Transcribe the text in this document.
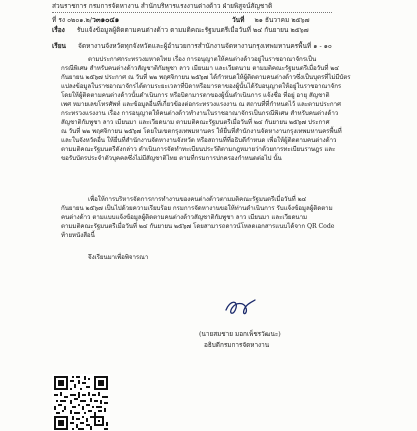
ส่วนราชการ กรมการจัดหางาน สำนักบริหารแรงงานต่างด้าว ฝ่ายพิสูจน์สัญชาติ
ที่ รง ๐๒๐๑.๒/ว๓๑๐๔๑	วันที่ ๒๑ ธันวาคม ๒๕๖๗
เรื่อง รับแจ้งข้อมูลผู้ติดตามคนต่างด้าว ตามมติคณะรัฐมนตรีเมื่อวันที่ ๒๔ กันยายน ๒๕๖๗
เรียน จัดหางานจังหวัดทุกจังหวัดและผู้อำนวยการสำนักงานจัดหางานกรุงเทพมหานครพื้นที่ ๑ - ๑๐
ตามประกาศกระทรวงมหาดไทย เรื่อง การอนุญาตให้คนต่างด้าวอยู่ในราชอาณาจักรเป็น
กรณีพิเศษ สำหรับคนต่างด้าวสัญชาติกัมพูชา ลาว เมียนมา และเวียดนาม ตามมติคณะรัฐมนตรีเมื่อวันที่ ๒๔
กันยายน ๒๕๖๗ ประกาศ ณ วันที่ ๒๒ พฤศจิกายน ๒๕๖๗ ได้กำหนดให้ผู้ติดตามคนต่างด้าวซึ่งเป็นบุตรที่ไม่มีบัตร
แปลงข้อมูลในราชอาณาจักรได้ตามระยะเวลาที่บิดาหรือมารดาของผู้นั้นได้รับอนุญาตให้อยู่ในราชอาณาจักร
โดยให้ผู้ติดตามคนต่างด้าวนั้นดำเนินการ หรือบิดามารดาของผู้นั้นดำเนินการ แจ้งชื่อ ที่อยู่ อายุ สัญชาติ
เพศ หมายเลขโทรศัพท์ และข้อมูลอื่นที่เกี่ยวข้องต่อกระทรวงแรงงาน ณ สถานที่ที่กำหนดไว้ และตามประกาศ
กระทรวงแรงงาน เรื่อง การอนุญาตให้คนต่างด้าวทำงานในราชอาณาจักรเป็นกรณีพิเศษ สำหรับคนต่างด้าว
สัญชาติกัมพูชา ลาว เมียนมา และเวียดนาม ตามมติคณะรัฐมนตรีเมื่อวันที่ ๒๔ กันยายน ๒๕๖๗ ประกาศ
ณ วันที่ ๒๒ พฤศจิกายน ๒๕๖๗ โดยในเขตกรุงเทพมหานคร ให้ยื่นที่สำนักงานจัดหางานกรุงเทพมหานครพื้นที่
และในจังหวัดอื่น ให้ยื่นที่สำนักงานจัดหางานจังหวัด หรือสถานที่ที่อธิบดีกำหนด เพื่อให้ผู้ติดตามคนต่างด้าว
ตามมติคณะรัฐมนตรีดังกล่าว ดำเนินการจัดทำทะเบียนประวัติตามกฎหมายว่าด้วยการทะเบียนราษฎร และ
ขอรับบัตรประจำตัวบุคคลซึ่งไม่มีสัญชาติไทย ตามที่กรมการปกครองกำหนดต่อไป นั้น
เพื่อให้การบริหารจัดการการทำงานของคนต่างด้าวตามมติคณะรัฐมนตรีเมื่อวันที่ ๒๔
กันยายน ๒๕๖๗ เป็นไปด้วยความเรียบร้อย กรมการจัดหางานขอให้ท่านดำเนินการ รับแจ้งข้อมูลผู้ติดตาม
คนต่างด้าว ตามแบบแจ้งข้อมูลผู้ติดตามคนต่างด้าวสัญชาติกัมพูชา ลาว เมียนมา และเวียดนาม
ตามมติคณะรัฐมนตรีเมื่อวันที่ ๒๔ กันยายน ๒๕๖๗ โดยสามารถดาวน์โหลดเอกสารแนบได้จาก QR Code
ท้ายหนังสือนี้
จึงเรียนมาเพื่อพิจารณา
(นายสมชาย มอกเพ็ชรวัฒนะ)
อธิบดีกรมการจัดหางาน
